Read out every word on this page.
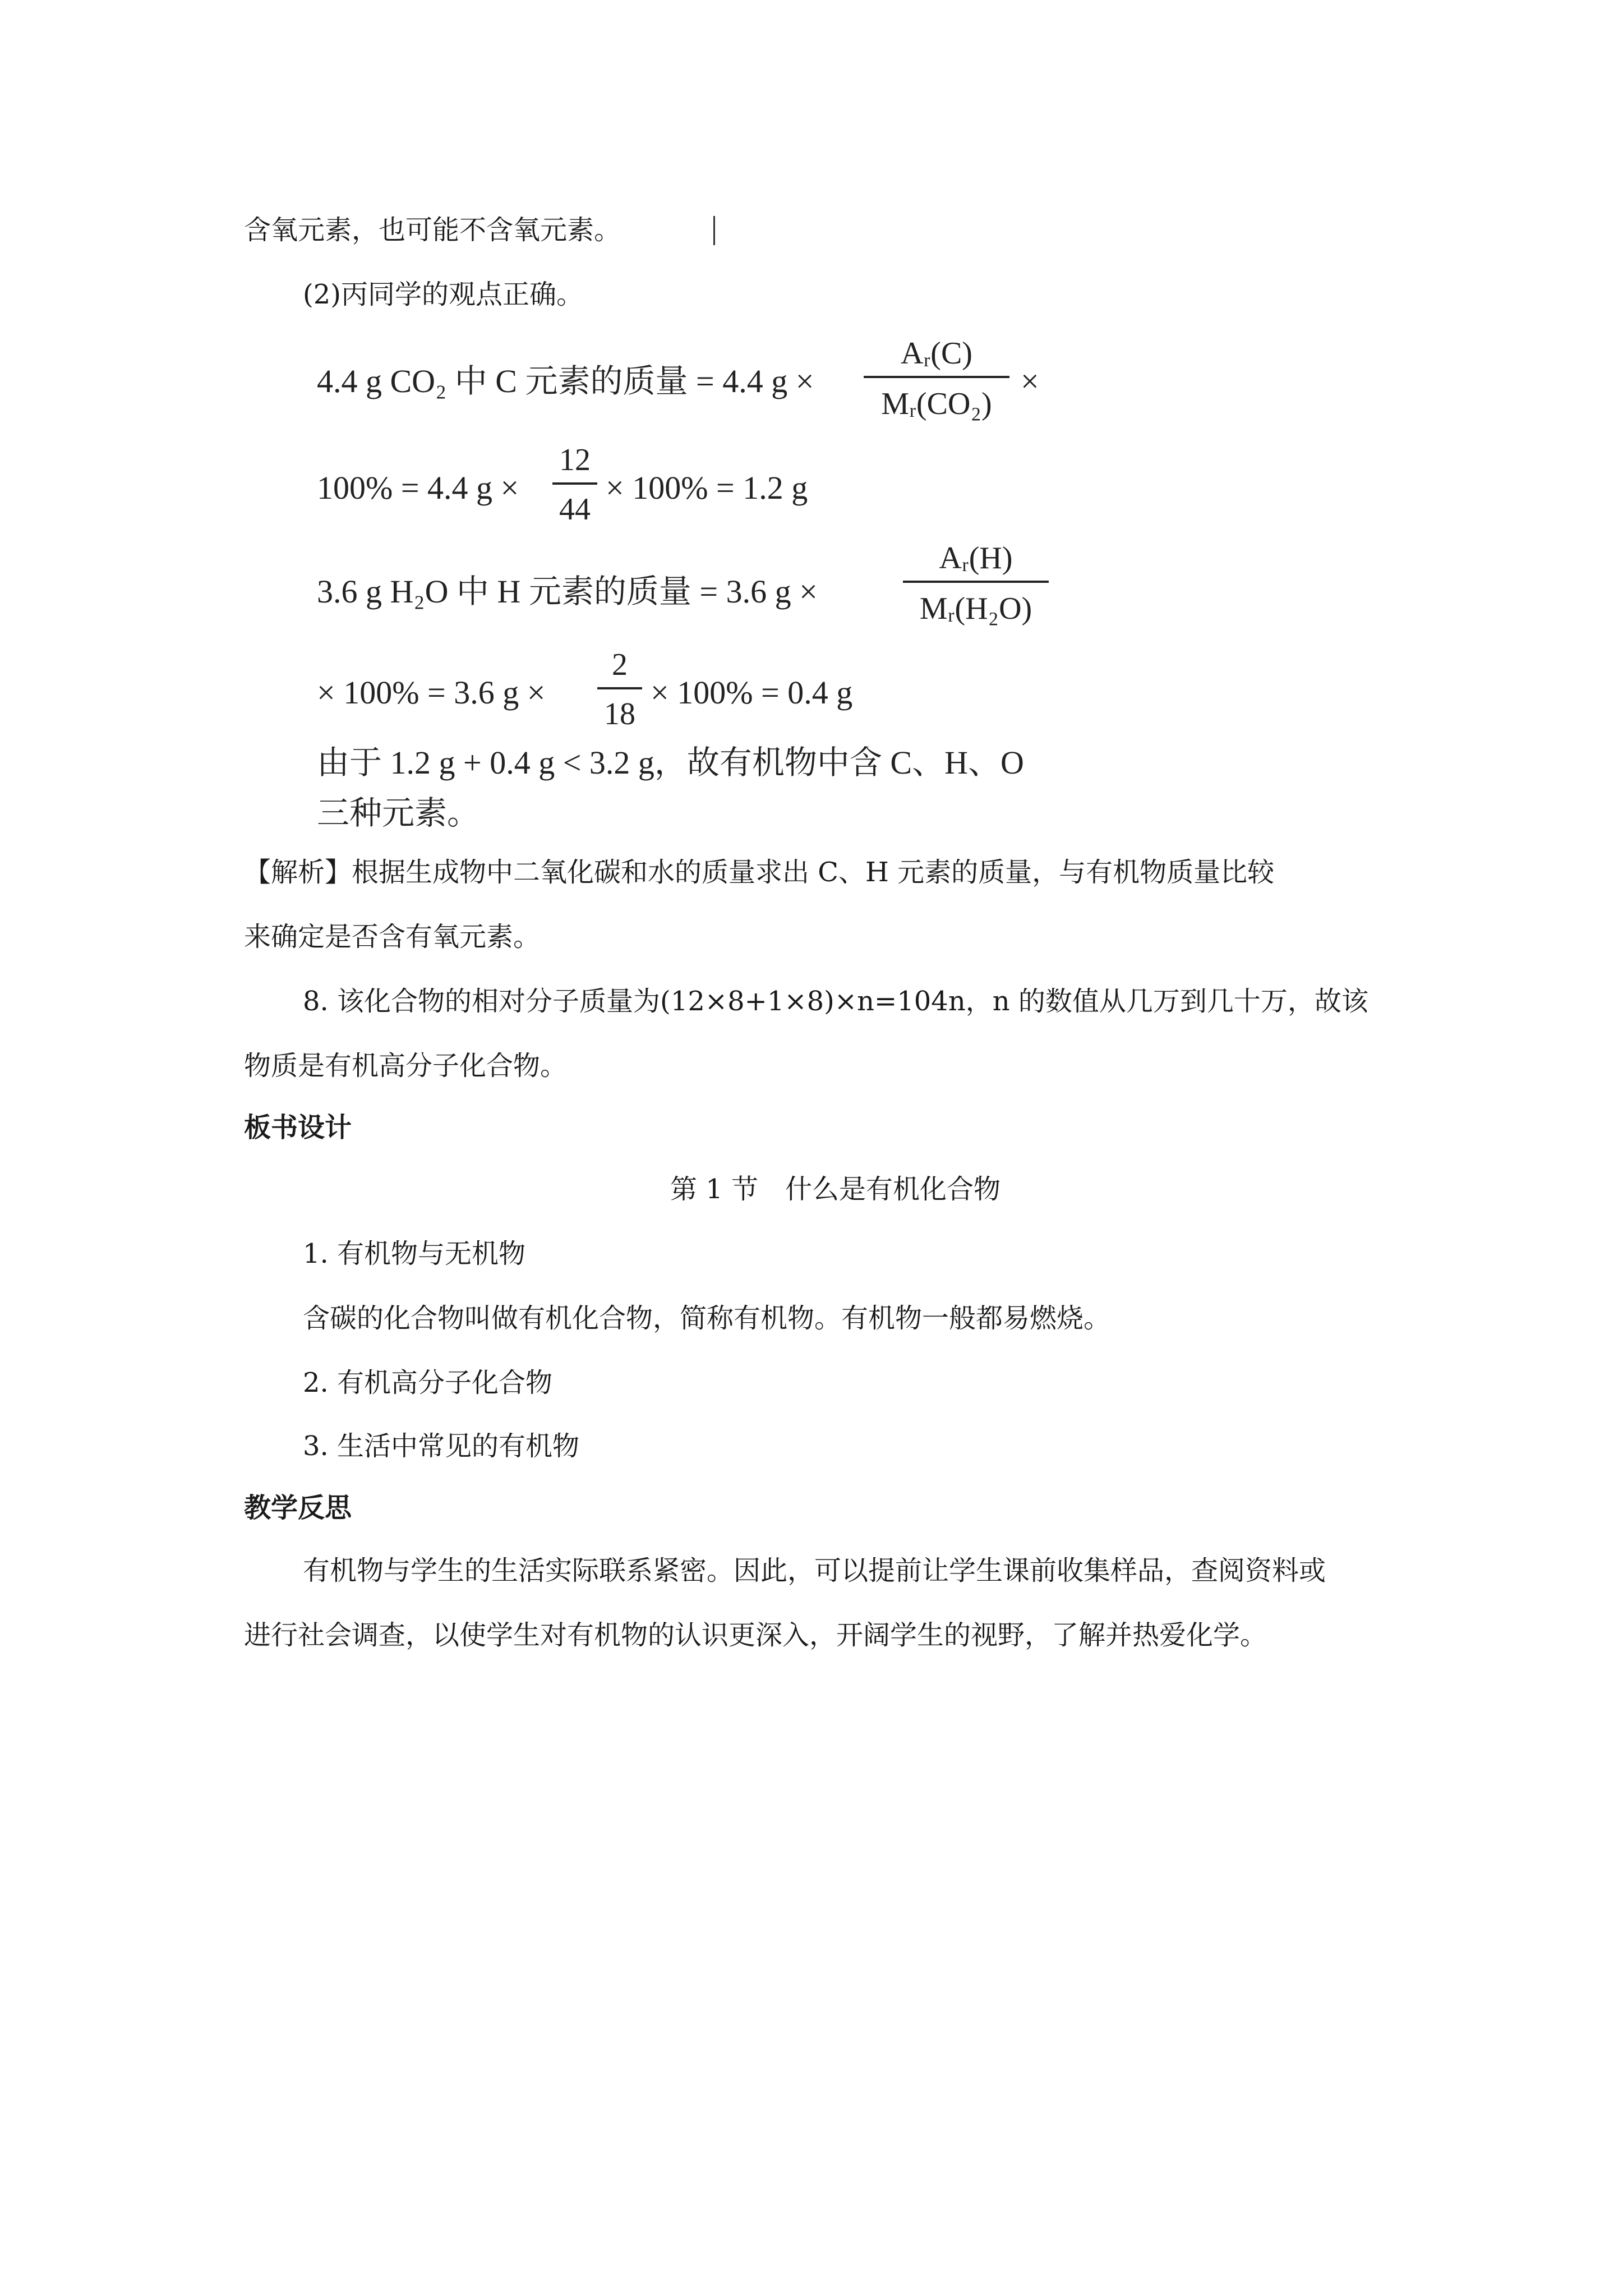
含氧元素，也可能不含氧元素。
(2)丙同学的观点正确。
4.4 g CO₂ 中 C 元素的质量 = 4.4 g ×
Aᵣ(C)
Mᵣ(CO₂)
×
100% = 4.4 g ×
12
44
× 100% = 1.2 g
3.6 g H₂O 中 H 元素的质量 = 3.6 g ×
Aᵣ(H)
Mᵣ(H₂O)
× 100% = 3.6 g ×
2
18
× 100% = 0.4 g
由于 1.2 g + 0.4 g < 3.2 g，故有机物中含 C、H、O
三种元素。
【解析】根据生成物中二氧化碳和水的质量求出 C、H 元素的质量，与有机物质量比较
来确定是否含有氧元素。
8. 该化合物的相对分子质量为(12×8+1×8)×n=104n，n 的数值从几万到几十万，故该
物质是有机高分子化合物。
板书设计
第 1 节　什么是有机化合物
1. 有机物与无机物
含碳的化合物叫做有机化合物，简称有机物。有机物一般都易燃烧。
2. 有机高分子化合物
3. 生活中常见的有机物
教学反思
有机物与学生的生活实际联系紧密。因此，可以提前让学生课前收集样品，查阅资料或
进行社会调查，以使学生对有机物的认识更深入，开阔学生的视野，了解并热爱化学。
